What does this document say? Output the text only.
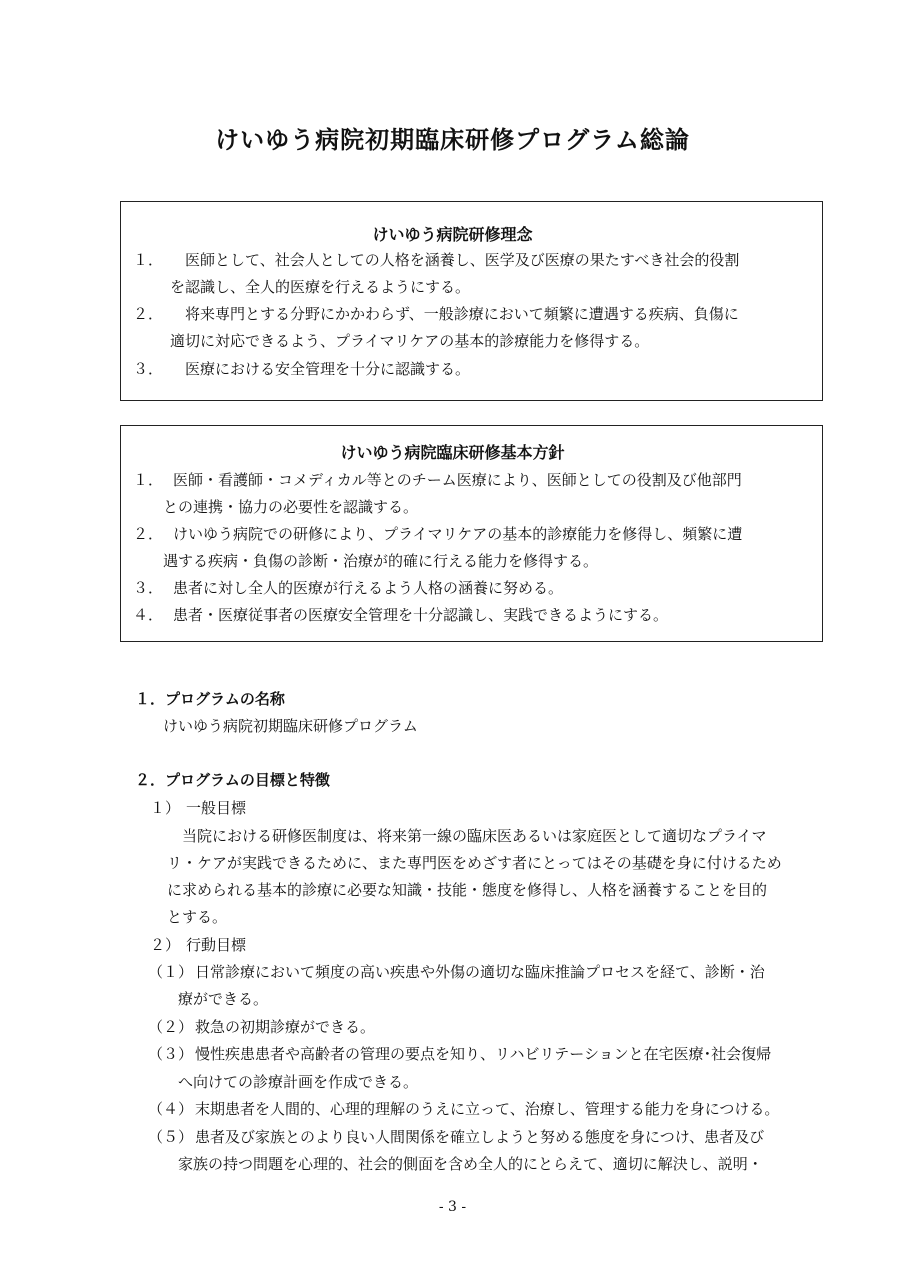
けいゆう病院初期臨床研修プログラム総論
けいゆう病院研修理念
１． 医師として、社会人としての人格を涵養し、医学及び医療の果たすべき社会的役割
を認識し、全人的医療を行えるようにする。
２． 将来専門とする分野にかかわらず、一般診療において頻繁に遭遇する疾病、負傷に
適切に対応できるよう、プライマリケアの基本的診療能力を修得する。
３． 医療における安全管理を十分に認識する。
けいゆう病院臨床研修基本方針
１． 医師・看護師・コメディカル等とのチーム医療により、医師としての役割及び他部門
との連携・協力の必要性を認識する。
２． けいゆう病院での研修により、プライマリケアの基本的診療能力を修得し、頻繁に遭
遇する疾病・負傷の診断・治療が的確に行える能力を修得する。
３． 患者に対し全人的医療が行えるよう人格の涵養に努める。
４． 患者・医療従事者の医療安全管理を十分認識し、実践できるようにする。
１．プログラムの名称
けいゆう病院初期臨床研修プログラム
２．プログラムの目標と特徴
１） 一般目標
当院における研修医制度は、将来第一線の臨床医あるいは家庭医として適切なプライマ
リ・ケアが実践できるために、また専門医をめざす者にとってはその基礎を身に付けるため
に求められる基本的診療に必要な知識・技能・態度を修得し、人格を涵養することを目的
とする。
２） 行動目標
（１） 日常診療において頻度の高い疾患や外傷の適切な臨床推論プロセスを経て、診断・治
療ができる。
（２） 救急の初期診療ができる。
（３） 慢性疾患患者や高齢者の管理の要点を知り、リハビリテーションと在宅医療･社会復帰
へ向けての診療計画を作成できる。
（４） 末期患者を人間的、心理的理解のうえに立って、治療し、管理する能力を身につける。
（５） 患者及び家族とのより良い人間関係を確立しようと努める態度を身につけ、患者及び
家族の持つ問題を心理的、社会的側面を含め全人的にとらえて、適切に解決し、説明・
- 3 -
